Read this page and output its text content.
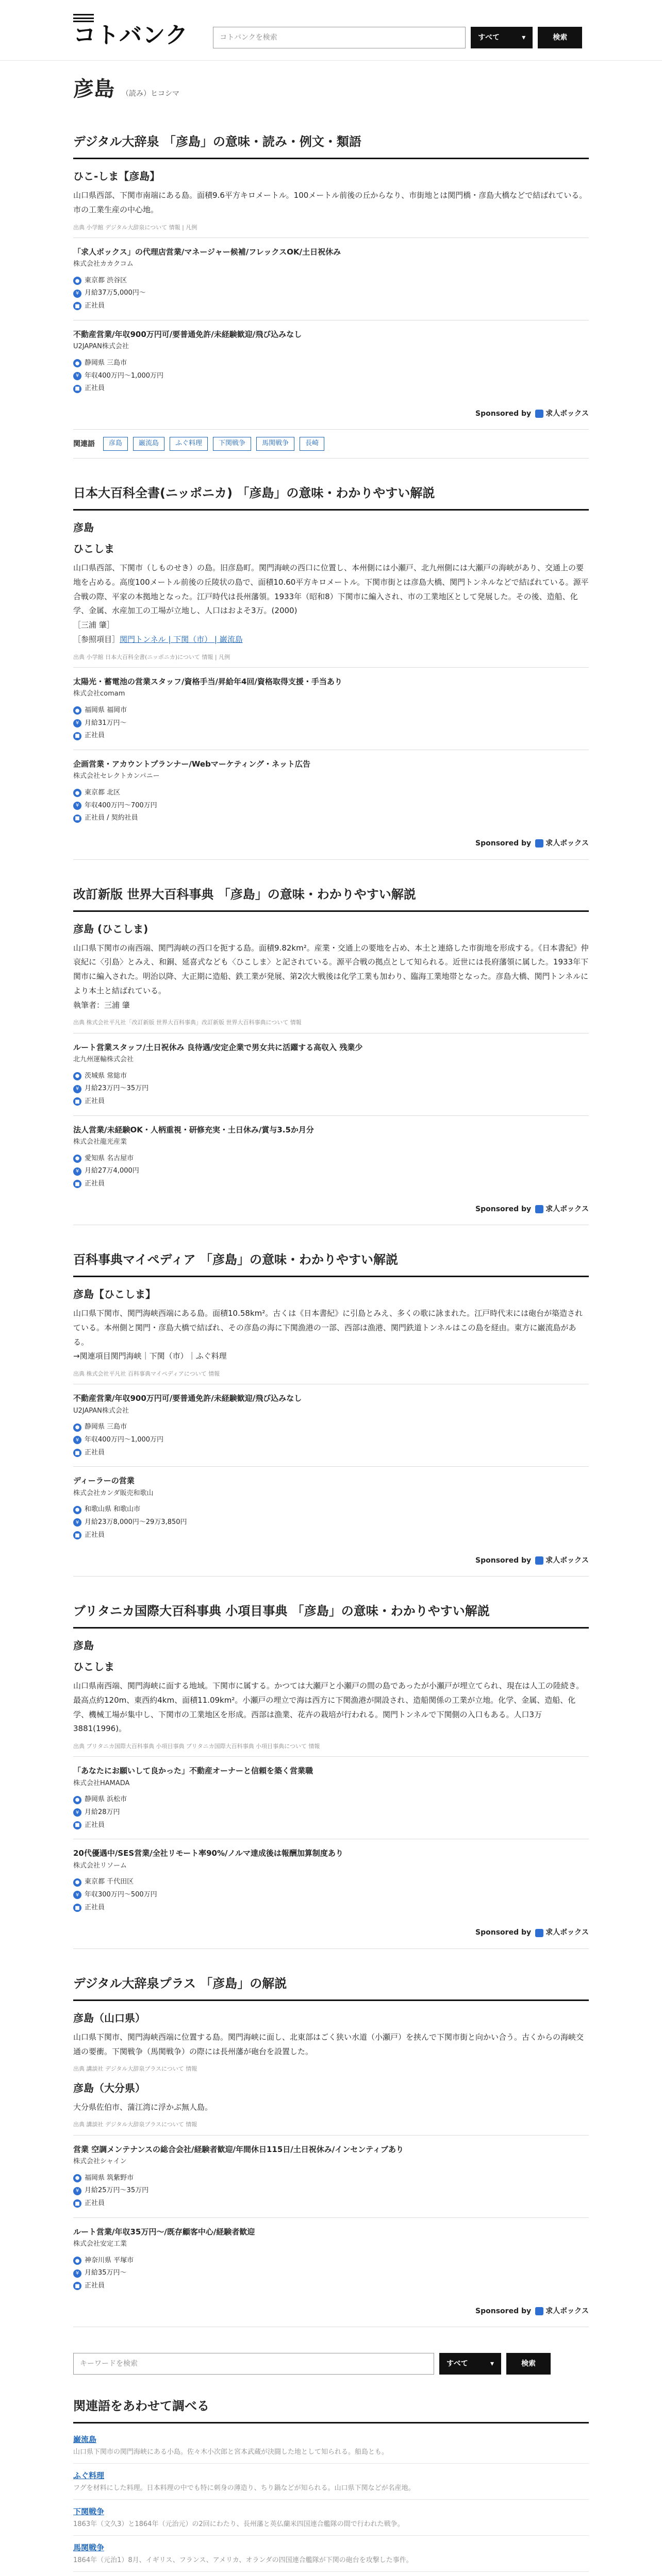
コトバンク	コトバンクを検索	すべて	▾	検索
彦島 （読み）ヒコシマ
デジタル大辞泉 「彦島」の意味・読み・例文・類語
ひこ‐しま【彦島】

山口県西部、下関市南端にある島。面積9.6平方キロメートル。100メートル前後の丘からなり、市街地とは関門橋・彦島大橋などで結ばれている。市の工業生産の中心地。

出典 小学館 デジタル大辞泉について 情報 | 凡例
「求人ボックス」の代理店営業/マネージャー候補/フレックスOK/土日祝休み
株式会社カカクコム
● 東京都 渋谷区
¥ 月給37万5,000円～
■ 正社員
不動産営業/年収900万円可/要普通免許/未経験歓迎/飛び込みなし
U2JAPAN株式会社
● 静岡県 三島市
¥ 年収400万円～1,000万円
■ 正社員
Sponsored by 求人ボックス
関連語	彦島	巌流島	ふぐ料理	下関戦争	馬関戦争	長崎
日本大百科全書(ニッポニカ) 「彦島」の意味・わかりやすい解説
彦島
ひこしま

山口県西部、下関市（しものせき）の島。旧彦島町。関門海峡の西口に位置し、本州側には小瀬戸、北九州側には大瀬戸の海峡があり、交通上の要地を占める。高度100メートル前後の丘陵状の島で、面積10.60平方キロメートル。下関市街とは彦島大橋、関門トンネルなどで結ばれている。源平合戦の際、平家の本拠地となった。江戸時代は長州藩領。1933年（昭和8）下関市に編入され、市の工業地区として発展した。その後、造船、化学、金属、水産加工の工場が立地し、人口はおよそ3万。(2000)

［三浦 肇］

［参照項目］関門トンネル | 下関（市） | 巌流島
出典 小学館 日本大百科全書(ニッポニカ)について 情報 | 凡例
太陽光・蓄電池の営業スタッフ/資格手当/昇給年4回/資格取得支援・手当あり
株式会社comam
● 福岡県 福岡市
¥ 月給31万円～
■ 正社員
企画営業・アカウントプランナー/Webマーケティング・ネット広告
株式会社セレクトカンパニー
● 東京都 北区
¥ 年収400万円～700万円
■ 正社員 / 契約社員
Sponsored by 求人ボックス
改訂新版 世界大百科事典 「彦島」の意味・わかりやすい解説
彦島 (ひこしま)

山口県下関市の南西端、関門海峡の西口を扼する島。面積9.82km²。産業・交通上の要地を占め、本土と連絡した市街地を形成する。《日本書紀》仲哀紀に〈引島〉とみえ、和銅、延喜式なども〈ひこしま〉と記されている。源平合戦の拠点として知られる。近世には長府藩領に属した。1933年下関市に編入された。明治以降、大正期に造船、鉄工業が発展、第2次大戦後は化学工業も加わり、臨海工業地帯となった。彦島大橋、関門トンネルにより本土と結ばれている。

執筆者：三浦 肇

出典 株式会社平凡社「改訂新版 世界大百科事典」改訂新版 世界大百科事典について 情報
ルート営業スタッフ/土日祝休み 良待遇/安定企業で男女共に活躍する高収入 残業少
北九州運輸株式会社
● 茨城県 常総市
¥ 月給23万円～35万円
■ 正社員
法人営業/未経験OK・人柄重視・研修充実・土日休み/賞与3.5か月分
株式会社龍光産業
● 愛知県 名古屋市
¥ 月給27万4,000円
■ 正社員
Sponsored by 求人ボックス
百科事典マイペディア 「彦島」の意味・わかりやすい解説
彦島【ひこしま】

山口県下関市、関門海峡西端にある島。面積10.58km²。古くは《日本書紀》に引島とみえ、多くの歌に詠まれた。江戸時代末には砲台が築造されている。本州側と関門・彦島大橋で結ばれ、その彦島の海に下関漁港の一部、西部は漁港、関門鉄道トンネルはこの島を経由。東方に巌流島がある。

→関連項目関門海峡｜下関（市）｜ふぐ料理

出典 株式会社平凡社 百科事典マイペディアについて 情報
不動産営業/年収900万円可/要普通免許/未経験歓迎/飛び込みなし
U2JAPAN株式会社
● 静岡県 三島市
¥ 年収400万円～1,000万円
■ 正社員
ディーラーの営業
株式会社カンダ販売和歌山
● 和歌山県 和歌山市
¥ 月給23万8,000円～29万3,850円
■ 正社員
Sponsored by 求人ボックス
ブリタニカ国際大百科事典 小項目事典 「彦島」の意味・わかりやすい解説
彦島
ひこしま

山口県南西端、関門海峡に面する地域。下関市に属する。かつては大瀬戸と小瀬戸の間の島であったが小瀬戸が埋立てられ、現在は人工の陸続き。最高点約120m、東西約4km、面積11.09km²。小瀬戸の埋立で海は西方に下関漁港が開設され、造船関係の工業が立地。化学、金属、造船、化学、機械工場が集中し、下関市の工業地区を形成。西部は漁業、花卉の栽培が行われる。関門トンネルで下関側の入口もある。人口3万3881(1996)。

出典 ブリタニカ国際大百科事典 小項目事典 ブリタニカ国際大百科事典 小項目事典について 情報
「あなたにお願いして良かった」不動産オーナーと信頼を築く営業職
株式会社HAMADA
● 静岡県 浜松市
¥ 月給28万円
■ 正社員
20代優遇中/SES営業/全社リモート率90%/ノルマ達成後は報酬加算制度あり
株式会社リソーム
● 東京都 千代田区
¥ 年収300万円～500万円
■ 正社員
Sponsored by 求人ボックス
デジタル大辞泉プラス 「彦島」の解説
彦島（山口県）

山口県下関市、関門海峡西端に位置する島。関門海峡に面し、北東部はごく狭い水道（小瀬戸）を挟んで下関市街と向かい合う。古くからの海峡交通の要衝。下関戦争（馬関戦争）の際には長州藩が砲台を設置した。

出典 講談社 デジタル大辞泉プラスについて 情報
彦島（大分県）

大分県佐伯市、蒲江湾に浮かぶ無人島。

出典 講談社 デジタル大辞泉プラスについて 情報
営業 空調メンテナンスの総合会社/経験者歓迎/年間休日115日/土日祝休み/インセンティブあり
株式会社シャイン
● 福岡県 筑紫野市
¥ 月給25万円～35万円
■ 正社員
ルート営業/年収35万円～/既存顧客中心/経験者歓迎
株式会社安定工業
● 神奈川県 平塚市
¥ 月給35万円～
■ 正社員
Sponsored by 求人ボックス
キーワードを検索	すべて	▾	検索
関連語をあわせて調べる
巌流島
山口県下関市の関門海峡にある小島。佐々木小次郎と宮本武蔵が決闘した地として知られる。船島とも。
ふぐ料理
フグを材料にした料理。日本料理の中でも特に刺身の薄造り、ちり鍋などが知られる。山口県下関などが名産地。
下関戦争
1863年（文久3）と1864年（元治元）の2回にわたり、長州藩と英仏蘭米四国連合艦隊の間で行われた戦争。
馬関戦争
1864年（元治1）8月、イギリス、フランス、アメリカ、オランダの四国連合艦隊が下関の砲台を攻撃した事件。
